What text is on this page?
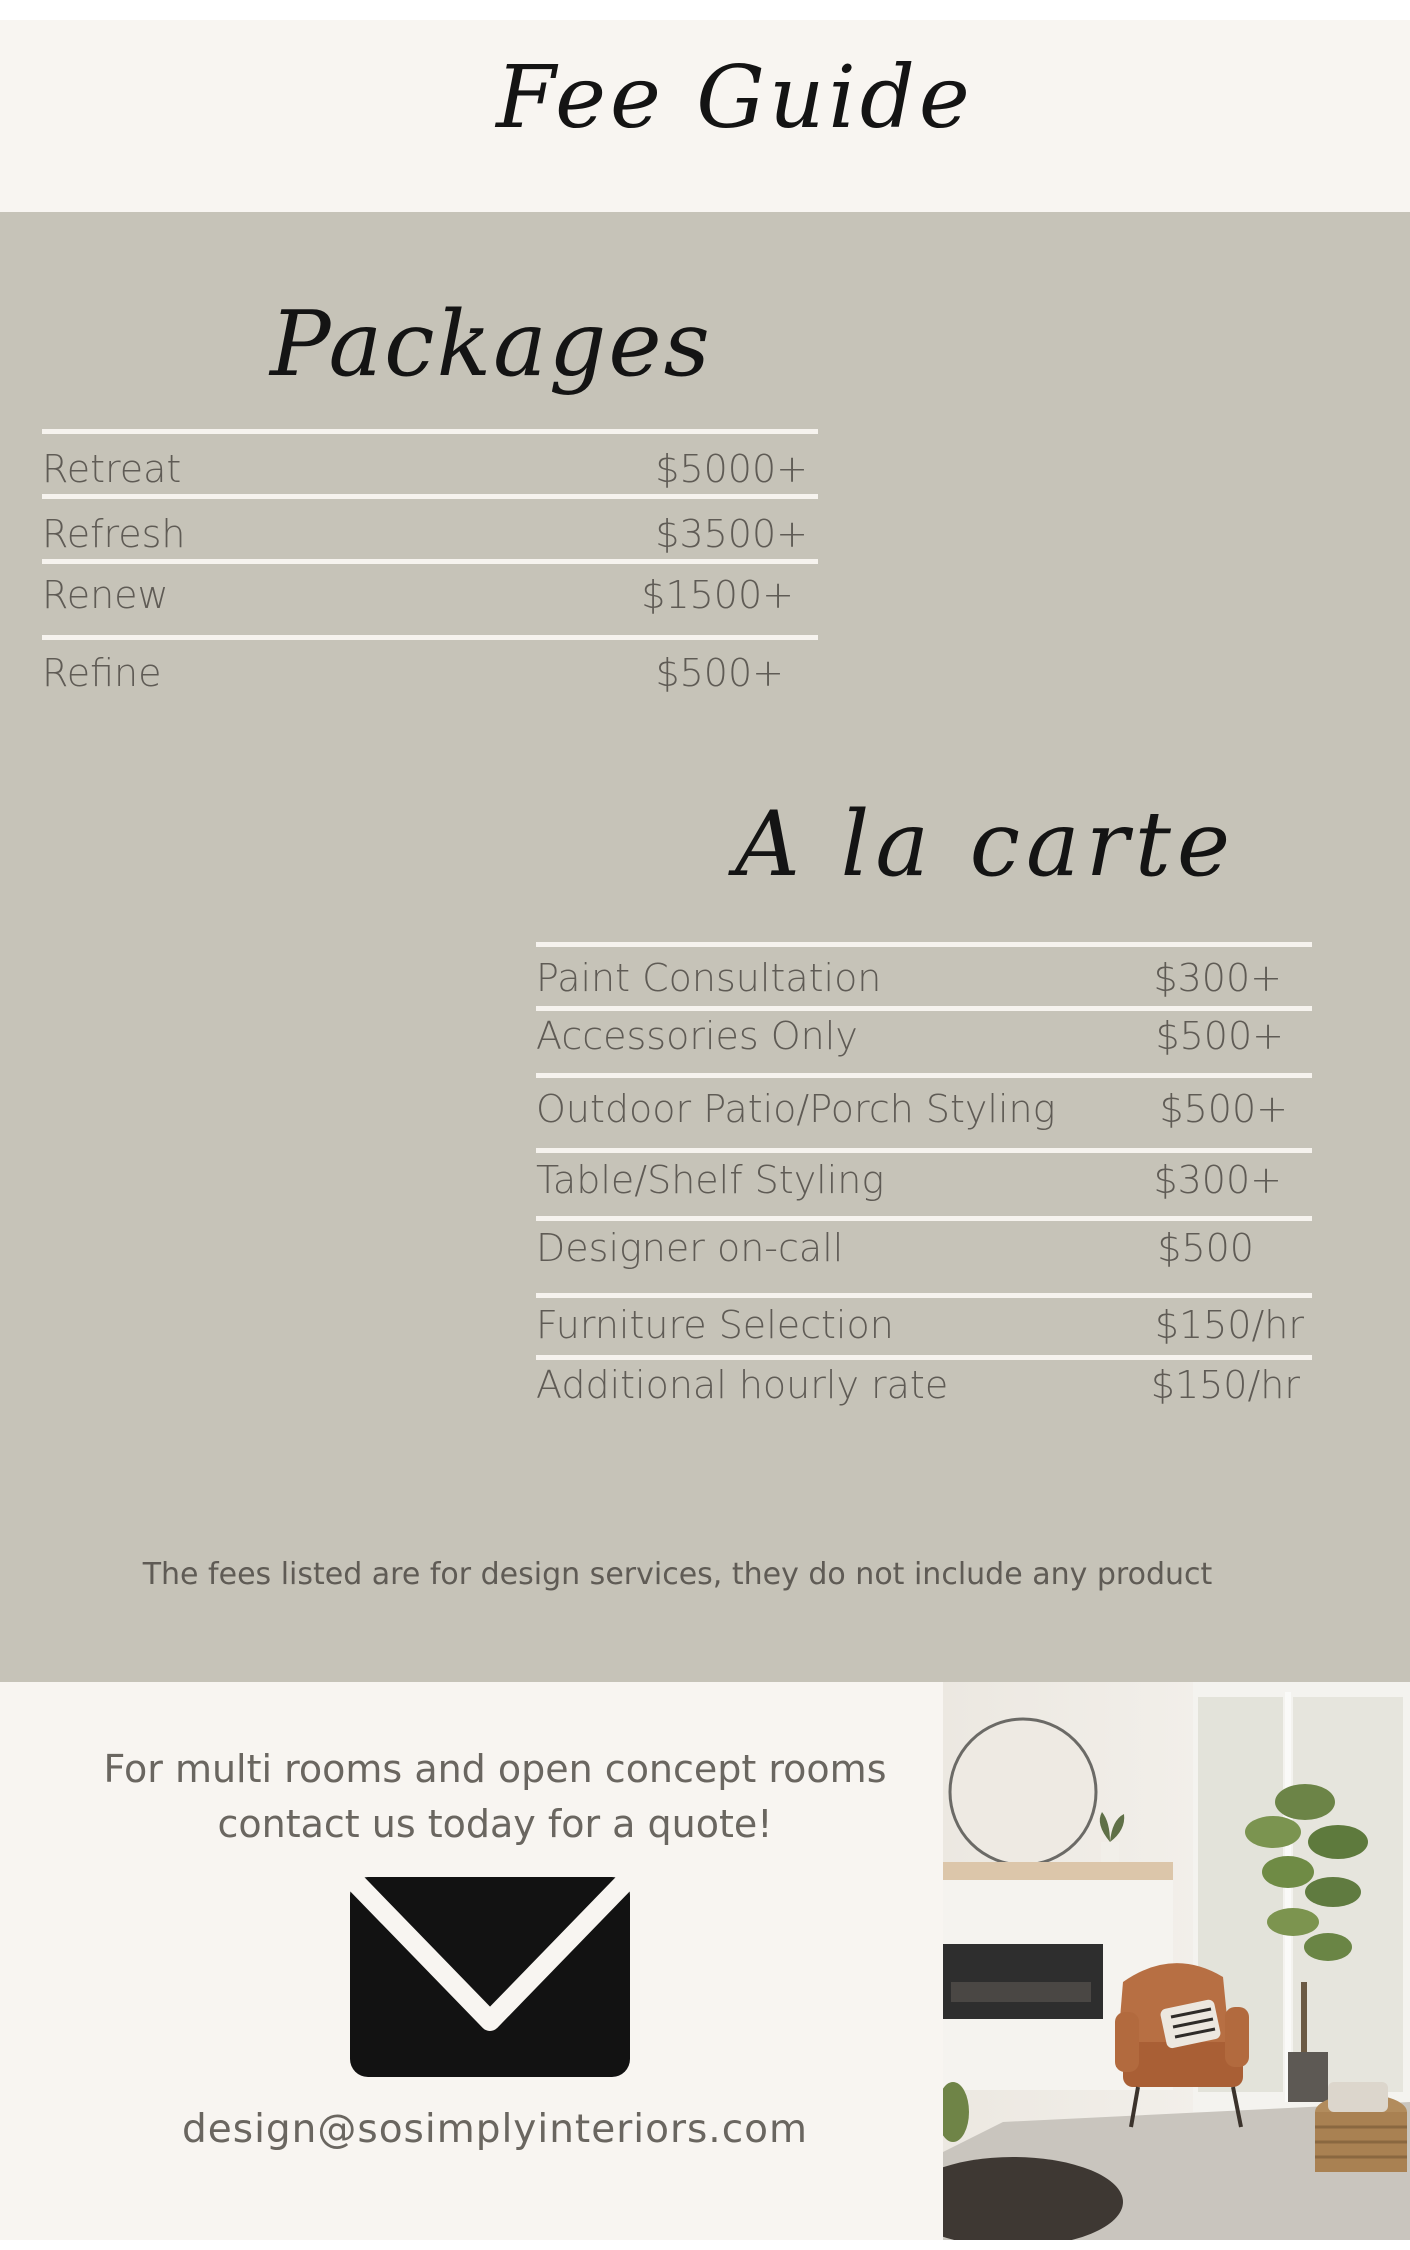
Fee Guide
Packages
Retreat	$5000+
Refresh	$3500+
Renew	$1500+
Refine	$500+
A la carte
Paint Consultation	$300+
Accessories Only	$500+
Outdoor Patio/Porch Styling	$500+
Table/Shelf Styling	$300+
Designer on-call	$500
Furniture Selection	$150/hr
Additional hourly rate	$150/hr
The fees listed are for design services, they do not include any product
For multi rooms and open concept rooms
contact us today for a quote!
design@sosimplyinteriors.com
